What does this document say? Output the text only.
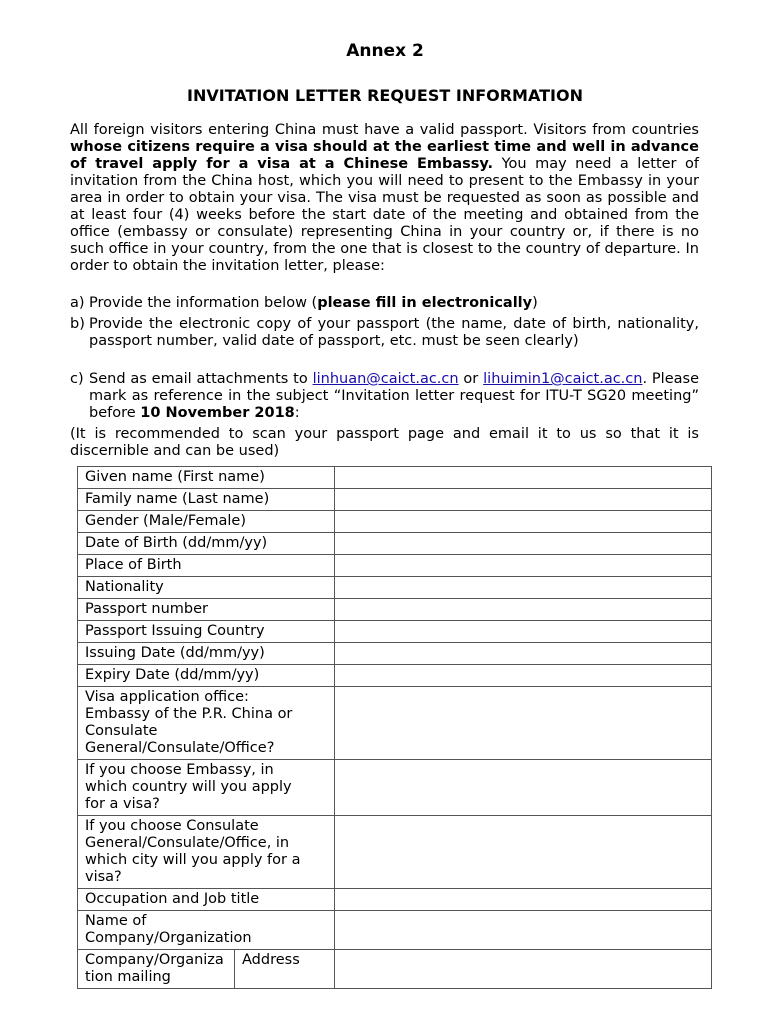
Annex 2
INVITATION LETTER REQUEST INFORMATION
All foreign visitors entering China must have a valid passport. Visitors from countries whose citizens require a visa should at the earliest time and well in advance of travel apply for a visa at a Chinese Embassy. You may need a letter of invitation from the China host, which you will need to present to the Embassy in your area in order to obtain your visa. The visa must be requested as soon as possible and at least four (4) weeks before the start date of the meeting and obtained from the office (embassy or consulate) representing China in your country or, if there is no such office in your country, from the one that is closest to the country of departure. In order to obtain the invitation letter, please:
a) Provide the information below (please fill in electronically)
b) Provide the electronic copy of your passport (the name, date of birth, nationality, passport number, valid date of passport, etc. must be seen clearly)
c) Send as email attachments to linhuan@caict.ac.cn or lihuimin1@caict.ac.cn. Please mark as reference in the subject “Invitation letter request for ITU-T SG20 meeting” before 10 November 2018:
(It is recommended to scan your passport page and email it to us so that it is discernible and can be used)
Given name (First name)		
Family name (Last name)		
Gender (Male/Female)		
Date of Birth (dd/mm/yy)		
Place of Birth		
Nationality		
Passport number		
Passport Issuing Country		
Issuing Date (dd/mm/yy)		
Expiry Date (dd/mm/yy)		
Visa application office: Embassy of the P.R. China or Consulate General/Consulate/Office?		
If you choose Embassy, in which country will you apply for a visa?		
If you choose Consulate General/Consulate/Office, in which city will you apply for a visa?		
Occupation and Job title		
Name of Company/Organization		
Company/Organiza tion mailing	Address	
